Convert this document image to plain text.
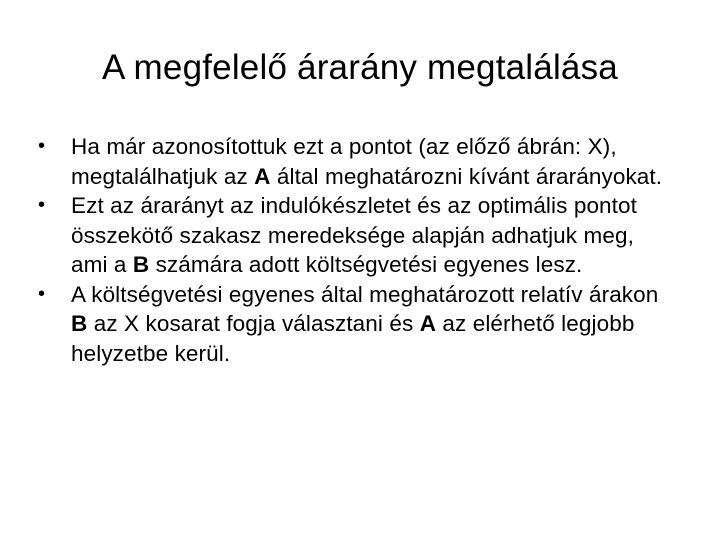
A megfelelő árarány megtalálása
•	Ha már azonosítottuk ezt a pontot (az előző ábrán: X), megtalálhatjuk az A által meghatározni kívánt árarányokat.
•	Ezt az árarányt az indulókészletet és az optimális pontot összekötő szakasz meredeksége alapján adhatjuk meg, ami a B számára adott költségvetési egyenes lesz.
•	A költségvetési egyenes által meghatározott relatív árakon B az X kosarat fogja választani és A az elérhető legjobb helyzetbe kerül.
